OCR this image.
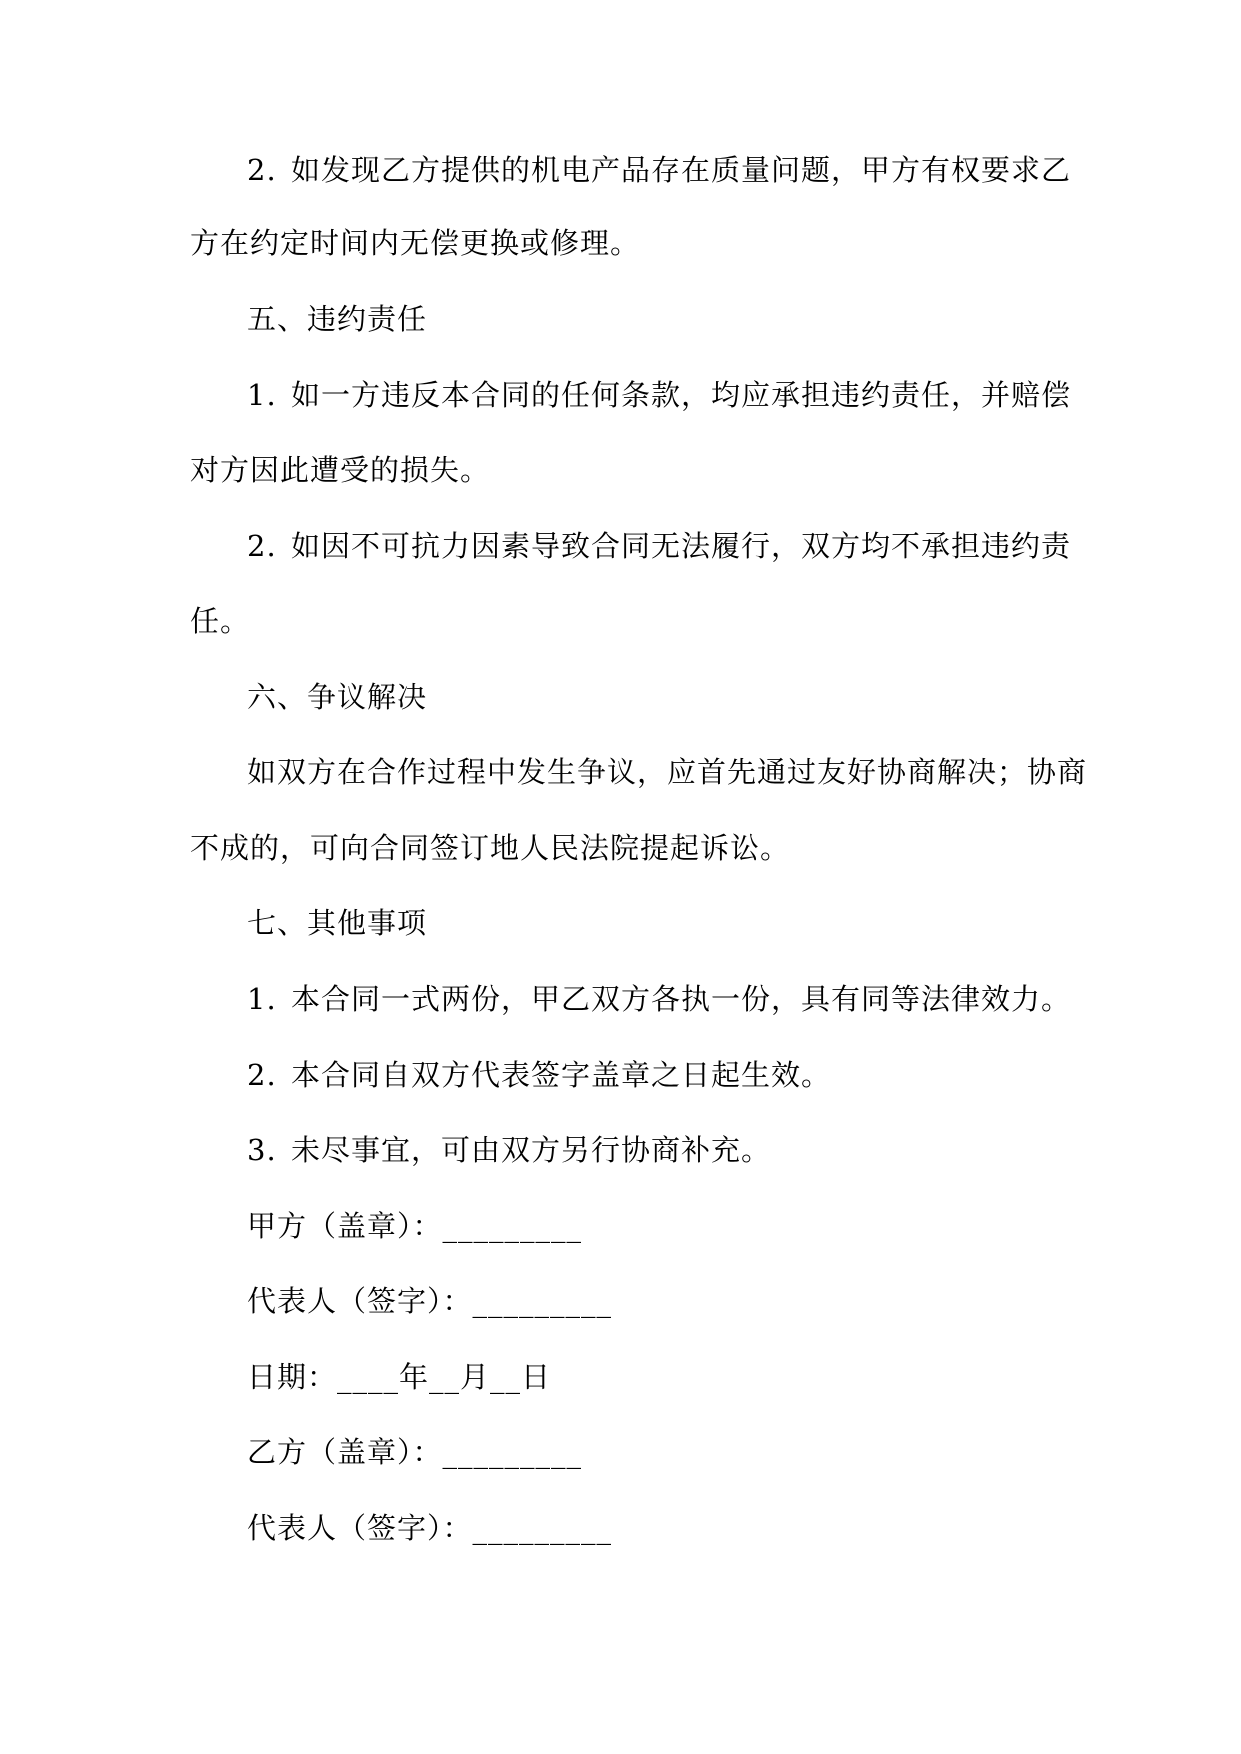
2. 如发现乙方提供的机电产品存在质量问题，甲方有权要求乙
方在约定时间内无偿更换或修理。
五、违约责任
1. 如一方违反本合同的任何条款，均应承担违约责任，并赔偿
对方因此遭受的损失。
2. 如因不可抗力因素导致合同无法履行，双方均不承担违约责
任。
六、争议解决
如双方在合作过程中发生争议，应首先通过友好协商解决；协商
不成的，可向合同签订地人民法院提起诉讼。
七、其他事项
1. 本合同一式两份，甲乙双方各执一份，具有同等法律效力。
2. 本合同自双方代表签字盖章之日起生效。
3. 未尽事宜，可由双方另行协商补充。
甲方（盖章）：_________
代表人（签字）：_________
日期：____年__月__日
乙方（盖章）：_________
代表人（签字）：_________
